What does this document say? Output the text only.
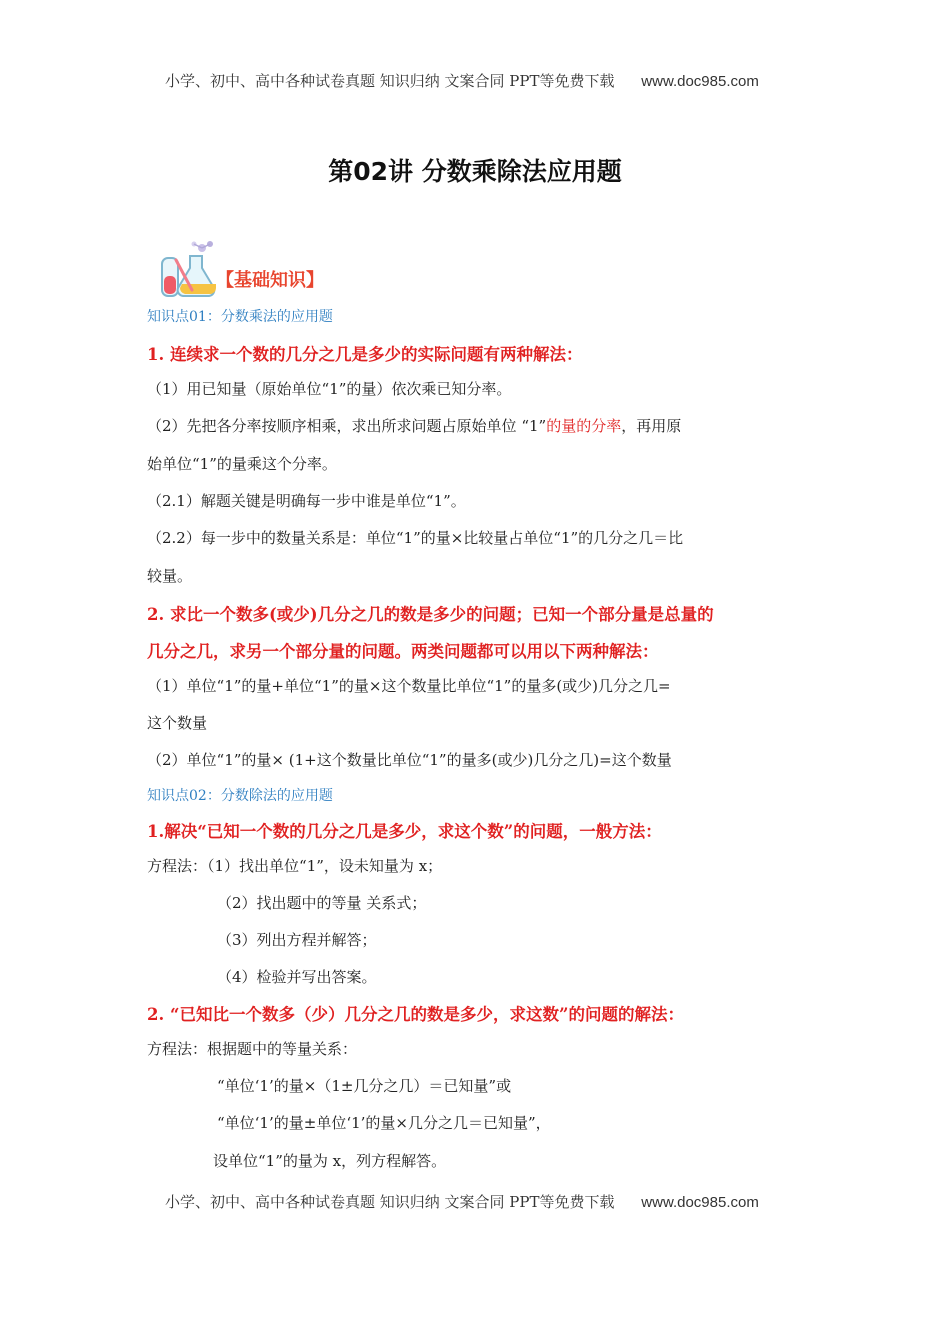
小学、初中、高中各种试卷真题 知识归纳 文案合同 PPT等免费下载 www.doc985.com
第02讲 分数乘除法应用题
【基础知识】
知识点01：分数乘法的应用题
1. 连续求一个数的几分之几是多少的实际问题有两种解法：
（1）用已知量（原始单位“1”的量）依次乘已知分率。
（2）先把各分率按顺序相乘，求出所求问题占原始单位 “1”的量的分率，再用原
始单位“1”的量乘这个分率。
（2.1）解题关键是明确每一步中谁是单位“1”。
（2.2）每一步中的数量关系是：单位“1”的量×比较量占单位“1”的几分之几＝比
较量。
2. 求比一个数多(或少)几分之几的数是多少的问题；已知一个部分量是总量的
几分之几，求另一个部分量的问题。两类问题都可以用以下两种解法：
（1）单位“1”的量+单位“1”的量×这个数量比单位“1”的量多(或少)几分之几=
这个数量
（2）单位“1”的量× (1+这个数量比单位“1”的量多(或少)几分之几)=这个数量
知识点02：分数除法的应用题
1.解决“已知一个数的几分之几是多少，求这个数”的问题，一般方法：
方程法：（1）找出单位“1”，设未知量为 x；
（2）找出题中的等量 关系式；
（3）列出方程并解答；
（4）检验并写出答案。
2. “已知比一个数多（少）几分之几的数是多少，求这数”的问题的解法：
方程法：根据题中的等量关系：
“单位‘1’的量×（1±几分之几）＝已知量”或
“单位‘1’的量±单位‘1’的量×几分之几＝已知量”，
设单位“1”的量为 x，列方程解答。
小学、初中、高中各种试卷真题 知识归纳 文案合同 PPT等免费下载 www.doc985.com
